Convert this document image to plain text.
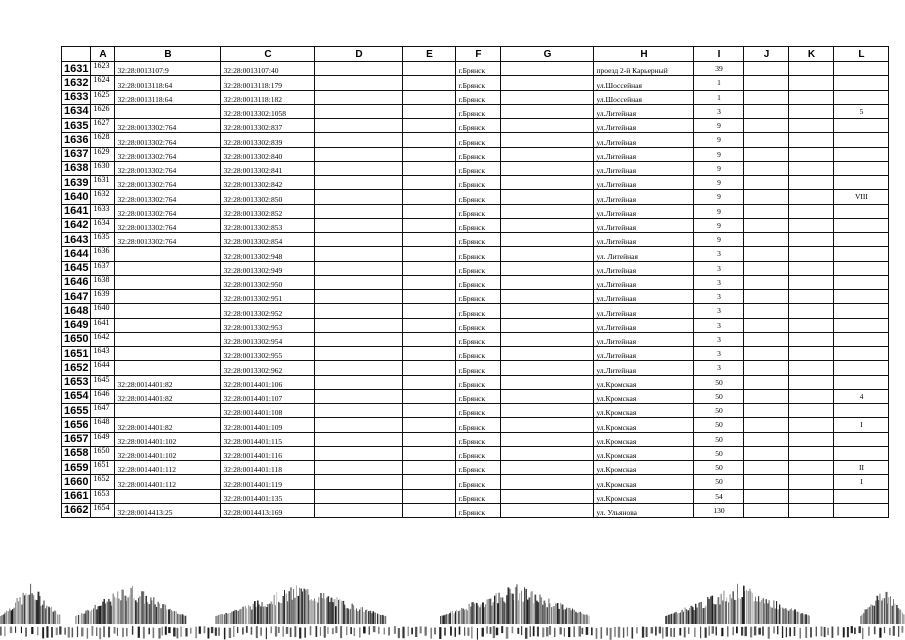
	A	B	C	D	E	F	G	H	I	J	K	L
1631	1623	32:28:0013107:9	32:28:0013107:40			г.Брянск		проезд 2-й Карьерный	39			
1632	1624	32:28:0013118:64	32:28:0013118:179			г.Брянск		ул.Шоссейная	1			
1633	1625	32:28:0013118:64	32:28:0013118:182			г.Брянск		ул.Шоссейная	1			
1634	1626		32:28:0013302:1058			г.Брянск		ул.Литейная	3			5
1635	1627	32:28:0013302:764	32:28:0013302:837			г.Брянск		ул.Литейная	9			
1636	1628	32:28:0013302:764	32:28:0013302:839			г.Брянск		ул.Литейная	9			
1637	1629	32:28:0013302:764	32:28:0013302:840			г.Брянск		ул.Литейная	9			
1638	1630	32:28:0013302:764	32:28:0013302:841			г.Брянск		ул.Литейная	9			
1639	1631	32:28:0013302:764	32:28:0013302:842			г.Брянск		ул.Литейная	9			
1640	1632	32:28:0013302:764	32:28:0013302:850			г.Брянск		ул.Литейная	9			VIII
1641	1633	32:28:0013302:764	32:28:0013302:852			г.Брянск		ул.Литейная	9			
1642	1634	32:28:0013302:764	32:28:0013302:853			г.Брянск		ул.Литейная	9			
1643	1635	32:28:0013302:764	32:28:0013302:854			г.Брянск		ул.Литейная	9			
1644	1636		32:28:0013302:948			г.Брянск		ул. Литейная	3			
1645	1637		32:28:0013302:949			г.Брянск		ул.Литейная	3			
1646	1638		32:28:0013302:950			г.Брянск		ул.Литейная	3			
1647	1639		32:28:0013302:951			г.Брянск		ул.Литейная	3			
1648	1640		32:28:0013302:952			г.Брянск		ул.Литейная	3			
1649	1641		32:28:0013302:953			г.Брянск		ул.Литейная	3			
1650	1642		32:28:0013302:954			г.Брянск		ул.Литейная	3			
1651	1643		32:28:0013302:955			г.Брянск		ул.Литейная	3			
1652	1644		32:28:0013302:962			г.Брянск		ул.Литейная	3			
1653	1645	32:28:0014401:82	32:28:0014401:106			г.Брянск		ул.Кромская	50			
1654	1646	32:28:0014401:82	32:28:0014401:107			г.Брянск		ул.Кромская	50			4
1655	1647		32:28:0014401:108			г.Брянск		ул.Кромская	50			
1656	1648	32:28:0014401:82	32:28:0014401:109			г.Брянск		ул.Кромская	50			I
1657	1649	32:28:0014401:102	32:28:0014401:115			г.Брянск		ул.Кромская	50			
1658	1650	32:28:0014401:102	32:28:0014401:116			г.Брянск		ул.Кромская	50			
1659	1651	32:28:0014401:112	32:28:0014401:118			г.Брянск		ул.Кромская	50			II
1660	1652	32:28:0014401:112	32:28:0014401:119			г.Брянск		ул.Кромская	50			I
1661	1653		32:28:0014401:135			г.Брянск		ул.Кромская	54			
1662	1654	32:28:0014413:25	32:28:0014413:169			г.Брянск		ул. Ульянова	130			
